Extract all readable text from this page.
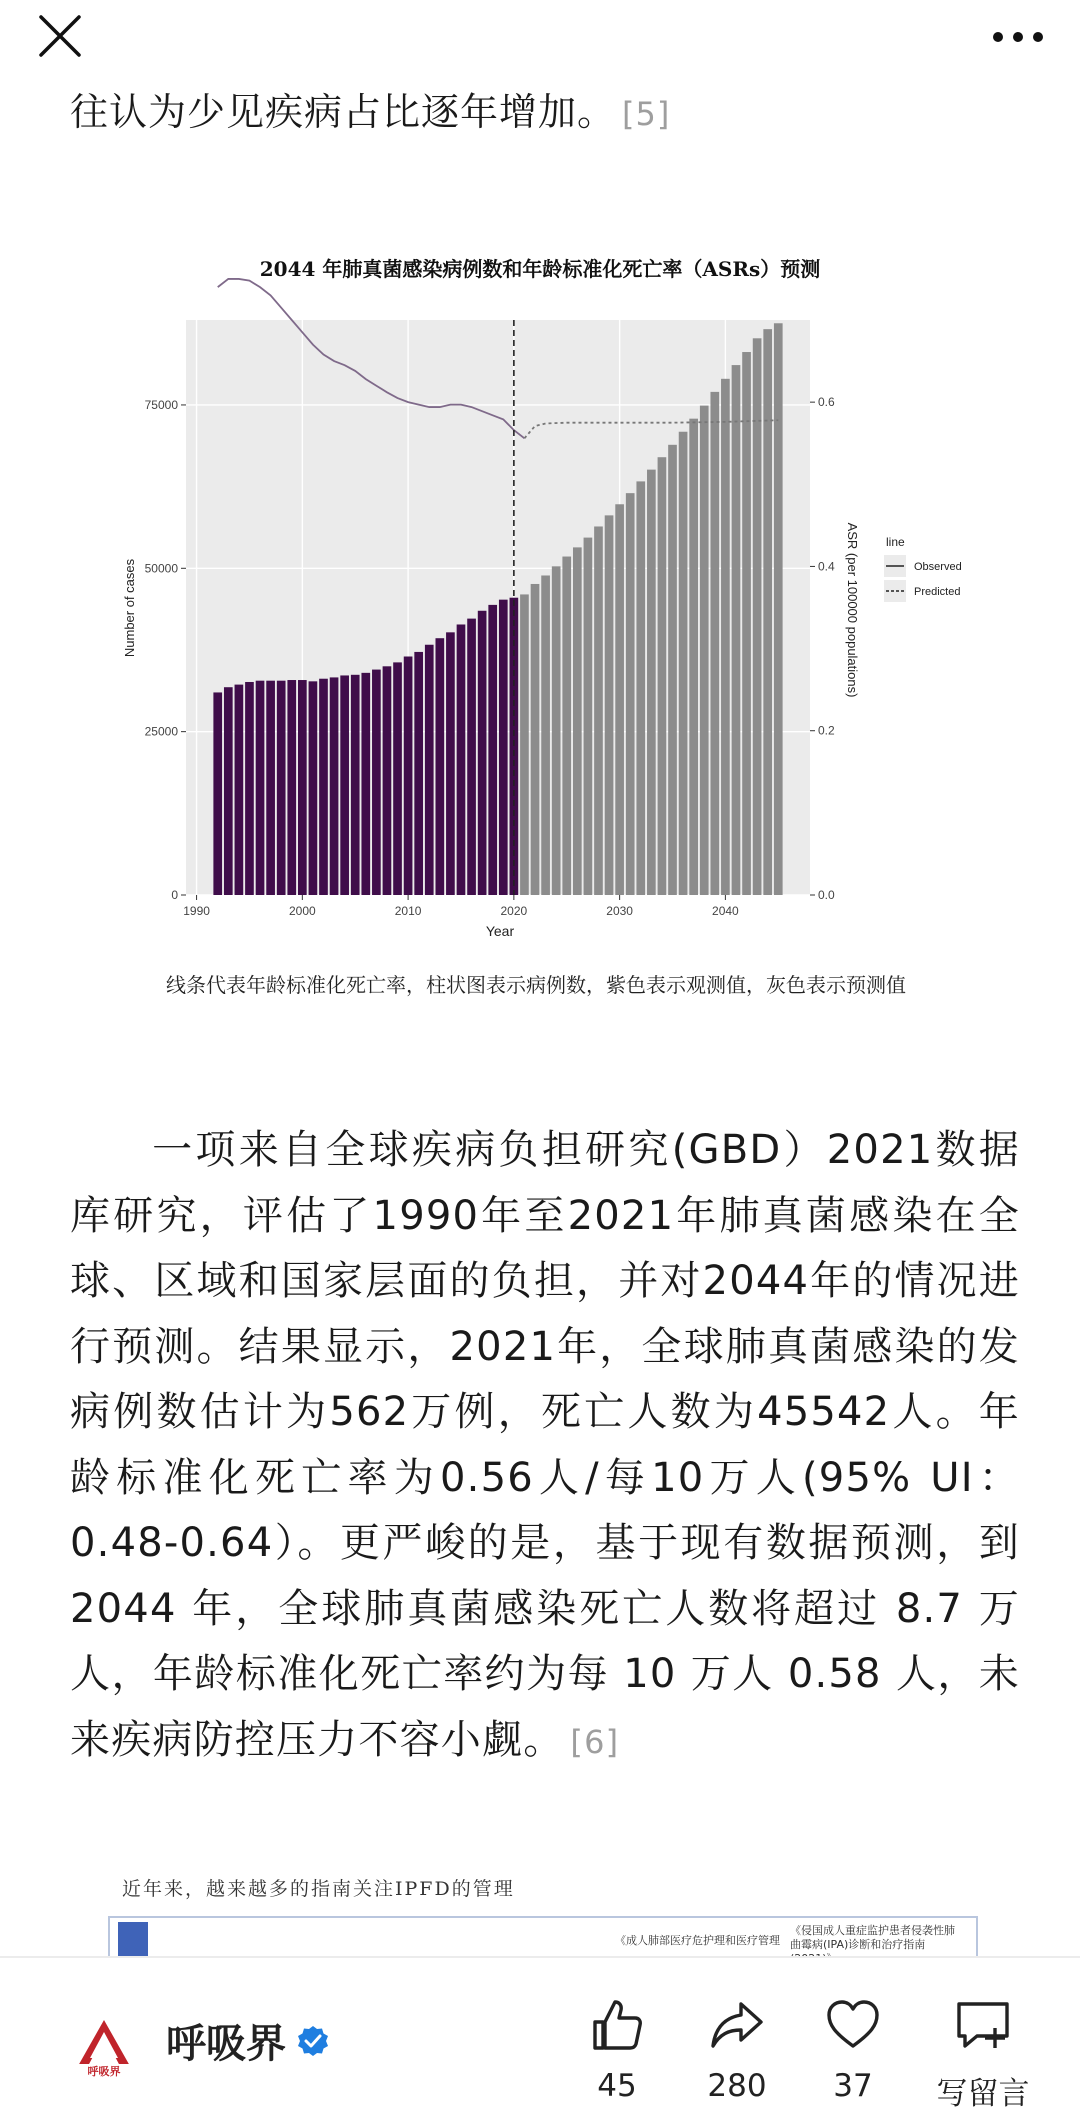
往认为少见疾病占比逐年增加。 [5]
2044 年肺真菌感染病例数和年龄标准化死亡率（ASRs）预测
1990	2000	2010	2020	2030	2040
0
25000
50000
75000
0.0
0.2
0.4
0.6
Year
Number of cases	ASR (per 100000 populations) line
Observed
Predicted
线条代表年龄标准化死亡率，柱状图表示病例数，紫色表示观测值，灰色表示预测值
一项来自全球疾病负担研究(GBD）2021数据库研究，评估了1990年至2021年肺真菌感染在全球、区域和国家层面的负担，并对2044年的情况进行预测。结果显示，2021年，全球肺真菌感染的发病例数估计为562万例，死亡人数为45542人。年龄标准化死亡率为0.56人/每10万人(95% UI：0.48-0.64）。更严峻的是，基于现有数据预测，到 2044 年，全球肺真菌感染死亡人数将超过 8.7 万人，年龄标准化死亡率约为每 10 万人 0.58 人，未来疾病防控压力不容小觑。 [6]
近年来，越来越多的指南关注IPFD的管理
《成人肺部医疗危护理和医疗管理
《侵国成人重症监护患者侵袭性肺曲霉病(IPA)诊断和治疗指南
呼吸界
呼吸界
45	280	37	写留言
